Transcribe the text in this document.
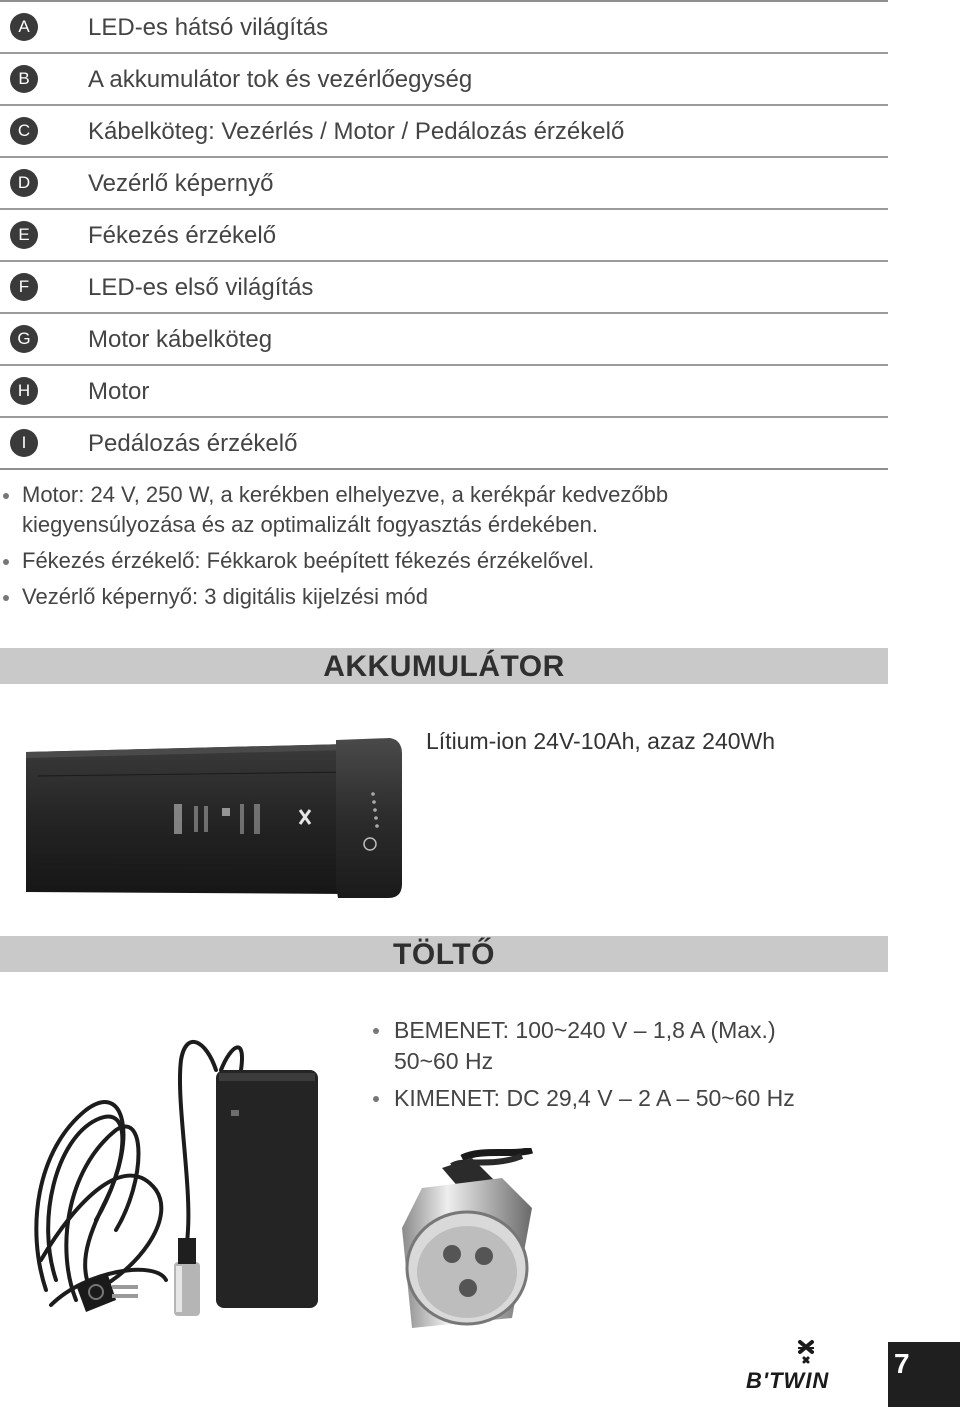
A	LED-es hátsó világítás
B	A akkumulátor tok és vezérlőegység
C	Kábelköteg: Vezérlés / Motor / Pedálozás érzékelő
D	Vezérlő képernyő
E	Fékezés érzékelő
F	LED-es első világítás
G	Motor kábelköteg
H	Motor
I	Pedálozás érzékelő
Motor: 24 V, 250 W, a kerékben elhelyezve, a kerékpár kedvezőbb kiegyensúlyozása és az optimalizált fogyasztás érdekében.
Fékezés érzékelő: Fékkarok beépített fékezés érzékelővel.
Vezérlő képernyő: 3 digitális kijelzési mód
AKKUMULÁTOR
Lítium-ion 24V-10Ah, azaz 240Wh
TÖLTŐ
BEMENET: 100~240 V – 1,8 A (Max.) 50~60 Hz
KIMENET: DC 29,4 V – 2 A – 50~60 Hz
B'TWIN
7
